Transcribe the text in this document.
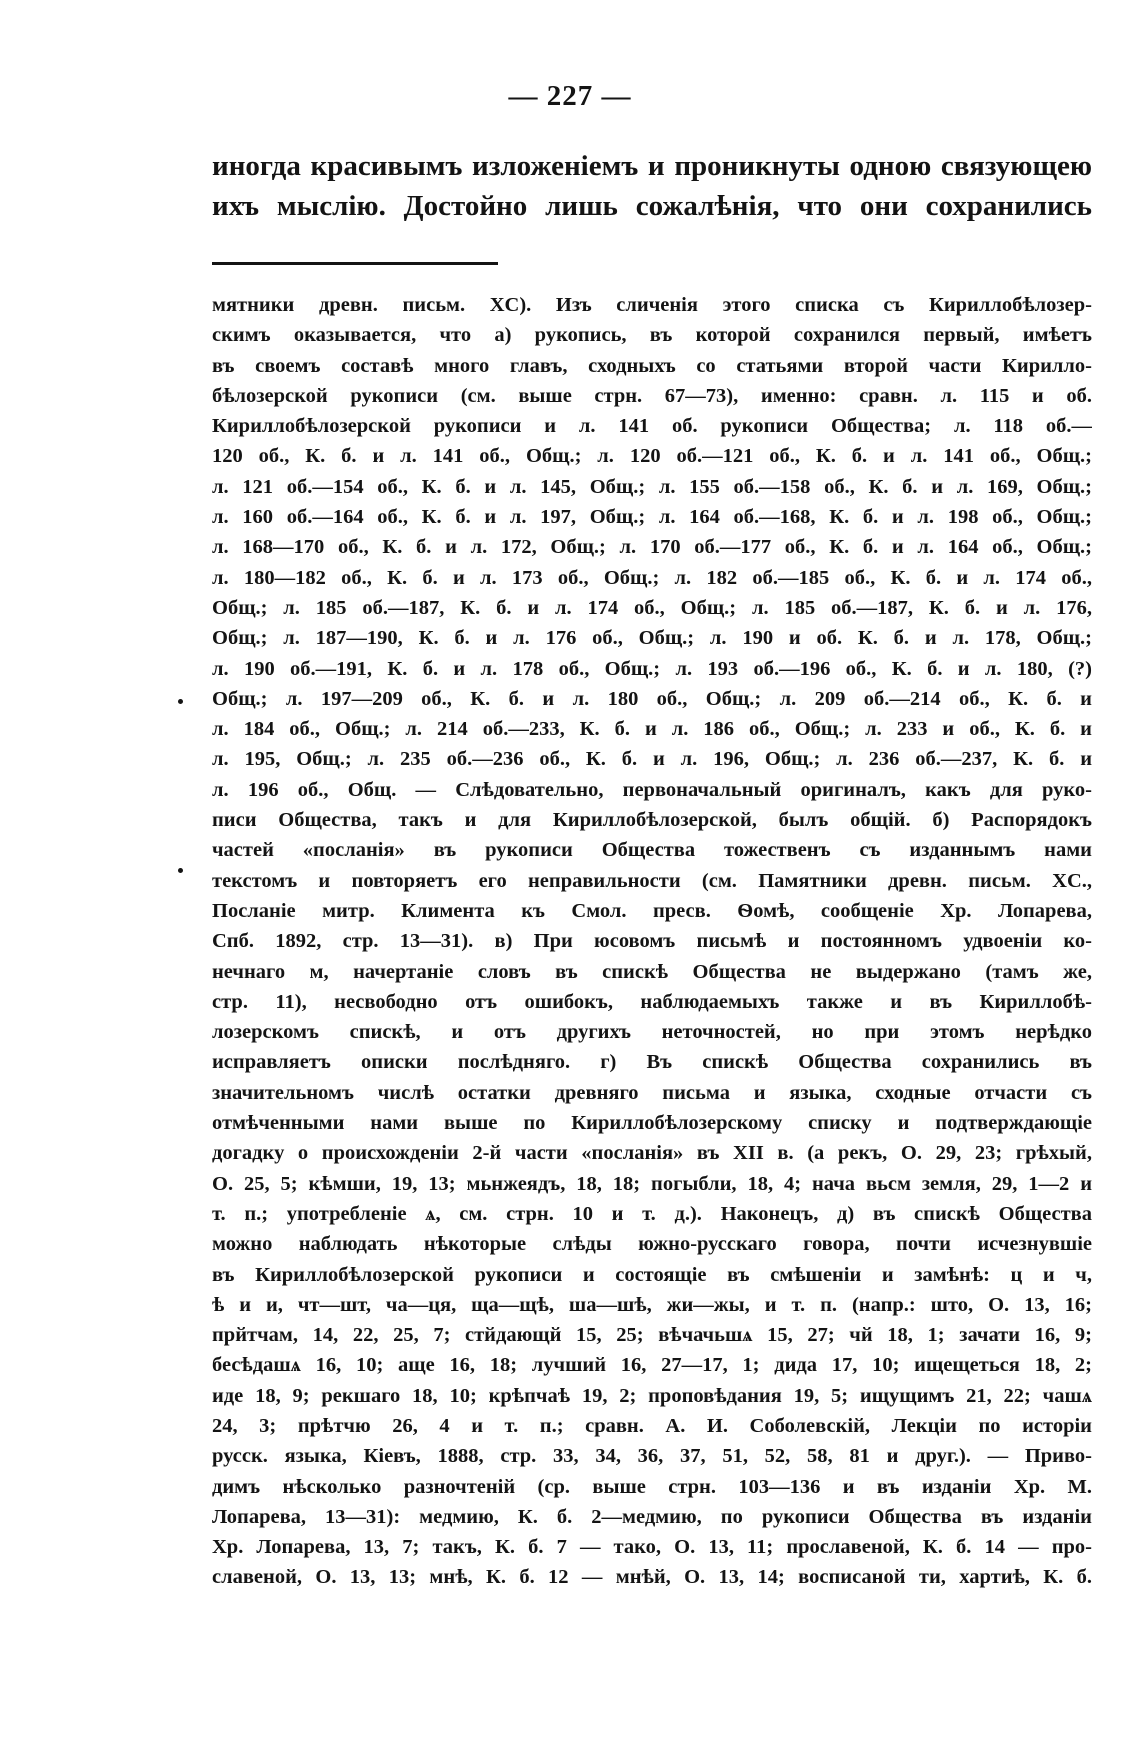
— 227 —
иногда красивымъ изложеніемъ и проникнуты одною связующею
ихъ мыслію. Достойно лишь сожалѣнія, что они сохранились
мятники древн. письм. XC). Изъ сличенія этого списка съ Кириллобѣлозер-
скимъ оказывается, что а) рукопись, въ которой сохранился первый, имѣетъ
въ своемъ составѣ много главъ, сходныхъ со статьями второй части Кирилло-
бѣлозерской рукописи (см. выше стрн. 67—73), именно: сравн. л. 115 и об.
Кириллобѣлозерской рукописи и л. 141 об. рукописи Общества; л. 118 об.—
120 об., К. б. и л. 141 об., Общ.; л. 120 об.—121 об., К. б. и л. 141 об., Общ.;
л. 121 об.—154 об., К. б. и л. 145, Общ.; л. 155 об.—158 об., К. б. и л. 169, Общ.;
л. 160 об.—164 об., К. б. и л. 197, Общ.; л. 164 об.—168, К. б. и л. 198 об., Общ.;
л. 168—170 об., К. б. и л. 172, Общ.; л. 170 об.—177 об., К. б. и л. 164 об., Общ.;
л. 180—182 об., К. б. и л. 173 об., Общ.; л. 182 об.—185 об., К. б. и л. 174 об.,
Общ.; л. 185 об.—187, К. б. и л. 174 об., Общ.; л. 185 об.—187, К. б. и л. 176,
Общ.; л. 187—190, К. б. и л. 176 об., Общ.; л. 190 и об. К. б. и л. 178, Общ.;
л. 190 об.—191, К. б. и л. 178 об., Общ.; л. 193 об.—196 об., К. б. и л. 180, (?)
Общ.; л. 197—209 об., К. б. и л. 180 об., Общ.; л. 209 об.—214 об., К. б. и
л. 184 об., Общ.; л. 214 об.—233, К. б. и л. 186 об., Общ.; л. 233 и об., К. б. и
л. 195, Общ.; л. 235 об.—236 об., К. б. и л. 196, Общ.; л. 236 об.—237, К. б. и
л. 196 об., Общ. — Слѣдовательно, первоначальный оригиналъ, какъ для руко-
писи Общества, такъ и для Кириллобѣлозерской, былъ общій. б) Распорядокъ
частей «посланія» въ рукописи Общества тожественъ съ изданнымъ нами
текстомъ и повторяетъ его неправильности (см. Памятники древн. письм. XC.,
Посланіе митр. Климента къ Смол. пресв. Ѳомѣ, сообщеніе Хр. Лопарева,
Спб. 1892, стр. 13—31). в) При юсовомъ письмѣ и постоянномъ удвоеніи ко-
нечнаго м, начертаніе словъ въ спискѣ Общества не выдержано (тамъ же,
стр. 11), несвободно отъ ошибокъ, наблюдаемыхъ также и въ Кириллобѣ-
лозерскомъ спискѣ, и отъ другихъ неточностей, но при этомъ нерѣдко
исправляетъ описки послѣдняго. г) Въ спискѣ Общества сохранились въ
значительномъ числѣ остатки древняго письма и языка, сходные отчасти съ
отмѣченными нами выше по Кириллобѣлозерскому списку и подтверждающіе
догадку о происхожденіи 2-й части «посланія» въ XII в. (а рекъ, О. 29, 23; грѣхый,
О. 25, 5; кѣмши, 19, 13; мьнжеядъ, 18, 18; погыбли, 18, 4; нача вьсм земля, 29, 1—2 и
т. п.; употребленіе ѧ, см. стрн. 10 и т. д.). Наконецъ, д) въ спискѣ Общества
можно наблюдать нѣкоторые слѣды южно-русскаго говора, почти исчезнувшіе
въ Кириллобѣлозерской рукописи и состоящіе въ смѣшеніи и замѣнѣ: ц и ч,
ѣ и и, чт—шт, ча—ця, ща—щѣ, ша—шѣ, жи—жы, и т. п. (напр.: што, О. 13, 16;
прйтчам, 14, 22, 25, 7; стйдающй 15, 25; вѣчачьшѧ 15, 27; чй 18, 1; зачати 16, 9;
бесѣдашѧ 16, 10; аще 16, 18; лучший 16, 27—17, 1; дида 17, 10; ищещеться 18, 2;
иде 18, 9; рекшаго 18, 10; крѣпчаѣ 19, 2; проповѣдания 19, 5; ищущимъ 21, 22; чашѧ
24, 3; прѣтчю 26, 4 и т. п.; сравн. А. И. Соболевскій, Лекціи по исторіи
русск. языка, Кіевъ, 1888, стр. 33, 34, 36, 37, 51, 52, 58, 81 и друг.). — Приво-
димъ нѣсколько разночтеній (ср. выше стрн. 103—136 и въ изданіи Хр. М.
Лопарева, 13—31): медмию, К. б. 2—медмию, по рукописи Общества въ изданіи
Хр. Лопарева, 13, 7; такъ, К. б. 7 — тако, О. 13, 11; прославеной, К. б. 14 — про-
славеной, О. 13, 13; мнѣ, К. б. 12 — мнѣй, О. 13, 14; восписаной ти, хартиѣ, К. б.
